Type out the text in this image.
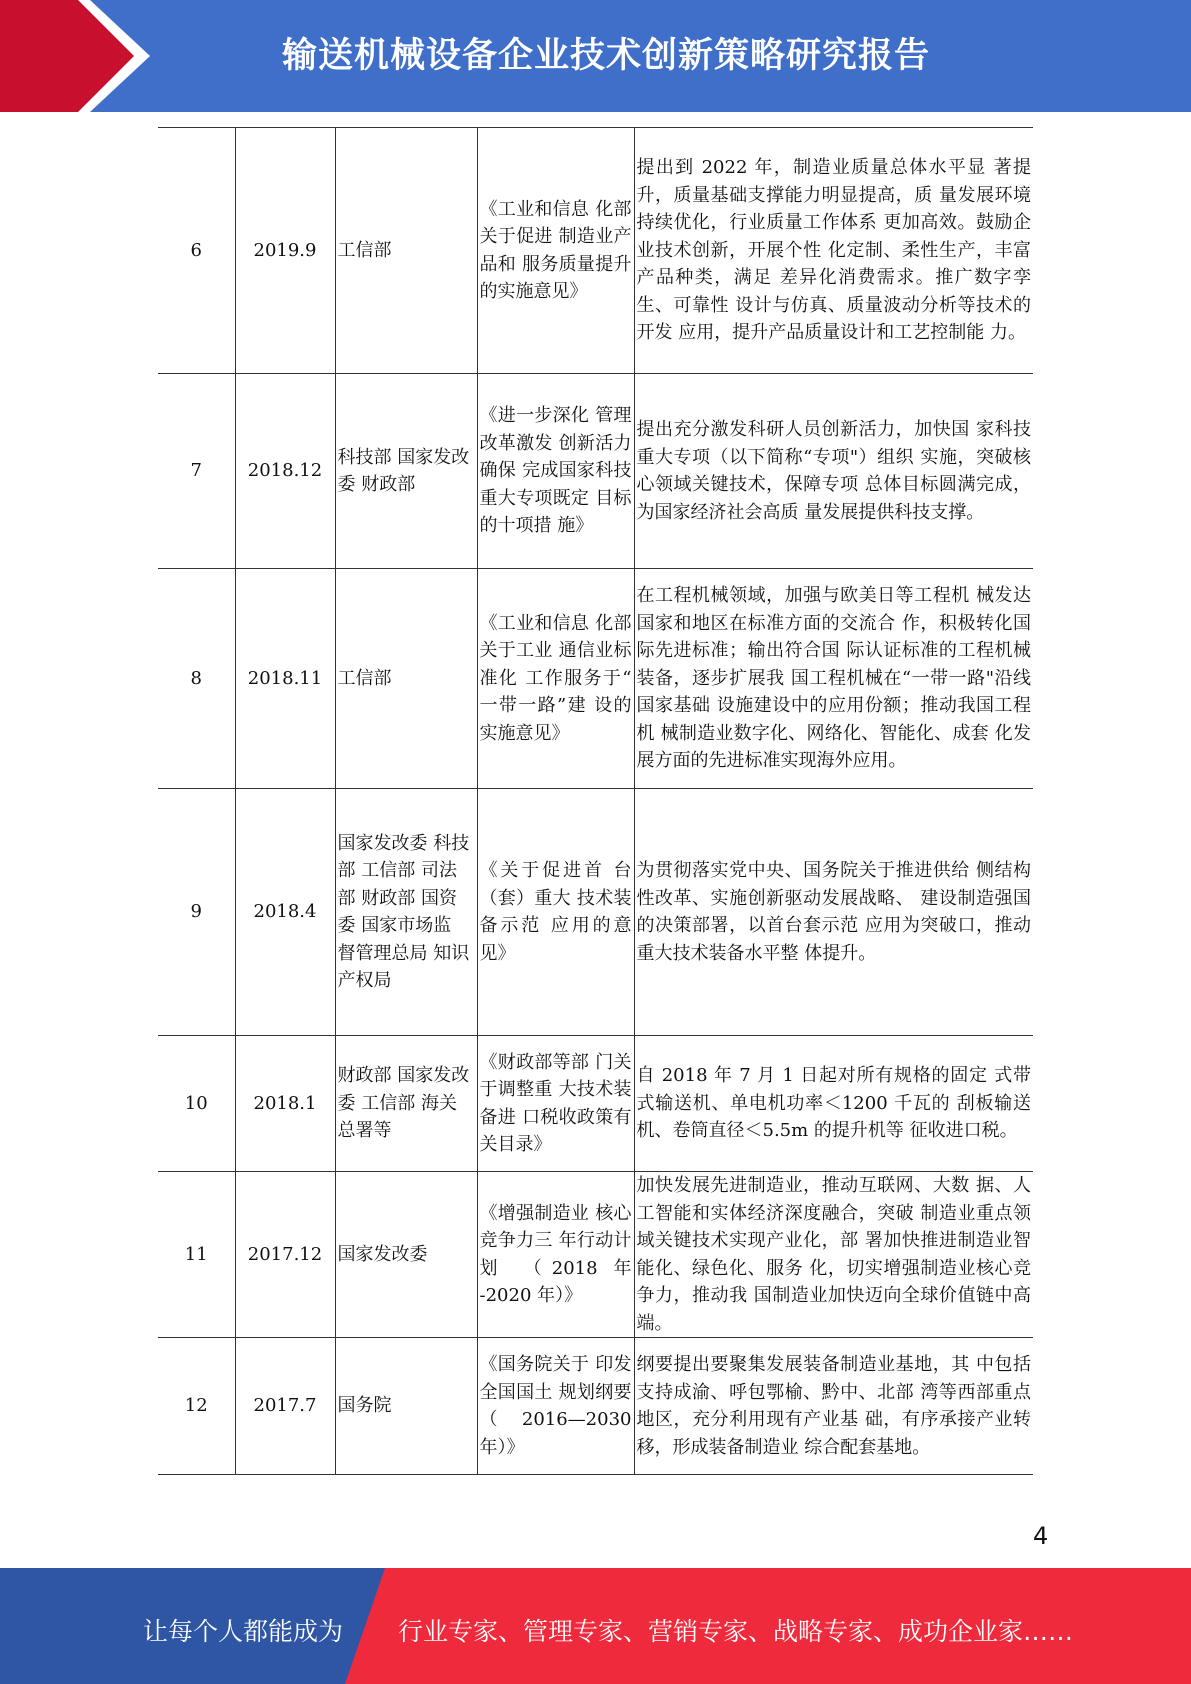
输送机械设备企业技术创新策略研究报告
6	2019.9	工信部	《工业和信息 化部关于促进 制造业产品和 服务质量提升 的实施意见》	提出到 2022 年，制造业质量总体水平显 著提升，质量基础支撑能力明显提高，质 量发展环境持续优化，行业质量工作体系 更加高效。鼓励企业技术创新，开展个性 化定制、柔性生产，丰富产品种类，满足 差异化消费需求。推广数字孪生、可靠性 设计与仿真、质量波动分析等技术的开发 应用，提升产品质量设计和工艺控制能 力。
7	2018.12	科技部 国家发改委 财政部	《进一步深化 管理改革激发 创新活力确保 完成国家科技 重大专项既定 目标的十项措 施》	提出充分激发科研人员创新活力，加快国 家科技重大专项（以下简称“专项"）组织 实施，突破核心领域关键技术，保障专项 总体目标圆满完成，为国家经济社会高质 量发展提供科技支撑。
8	2018.11	工信部	《工业和信息 化部关于工业 通信业标准化 工作服务于“ 一带一路”建 设的实施意见》	在工程机械领域，加强与欧美日等工程机 械发达国家和地区在标准方面的交流合 作，积极转化国际先进标准；输出符合国 际认证标准的工程机械装备，逐步扩展我 国工程机械在“一带一路"沿线国家基础 设施建设中的应用份额；推动我国工程机 械制造业数字化、网络化、智能化、成套 化发展方面的先进标准实现海外应用。
9	2018.4	国家发改委 科技部 工信部 司法部 财政部 国资委 国家市场监 督管理总局 知识产权局	《关于促进首 台（套）重大 技术装备示范 应用的意见》	为贯彻落实党中央、国务院关于推进供给 侧结构性改革、实施创新驱动发展战略、 建设制造强国的决策部署，以首台套示范 应用为突破口，推动重大技术装备水平整 体提升。
10	2018.1	财政部 国家发改委 工信部 海关总署等	《财政部等部 门关于调整重 大技术装备进 口税收政策有 关目录》	自 2018 年 7 月 1 日起对所有规格的固定 式带式输送机、单电机功率＜1200 千瓦的 刮板输送机、卷筒直径＜5.5m 的提升机等 征收进口税。
11	2017.12	国家发改委	《增强制造业 核心竞争力三 年行动计划 （2018 年 -2020 年）》	加快发展先进制造业，推动互联网、大数 据、人工智能和实体经济深度融合，突破 制造业重点领域关键技术实现产业化，部 署加快推进制造业智能化、绿色化、服务 化，切实增强制造业核心竞争力，推动我 国制造业加快迈向全球价值链中高端。
12	2017.7	国务院	《国务院关于 印发全国国土 规划纲要 （ 2016—2030 年）》	纲要提出要聚集发展装备制造业基地，其 中包括支持成渝、呼包鄂榆、黔中、北部 湾等西部重点地区，充分利用现有产业基 础，有序承接产业转移，形成装备制造业 综合配套基地。
4
让每个人都能成为 行业专家、管理专家、营销专家、战略专家、成功企业家……
